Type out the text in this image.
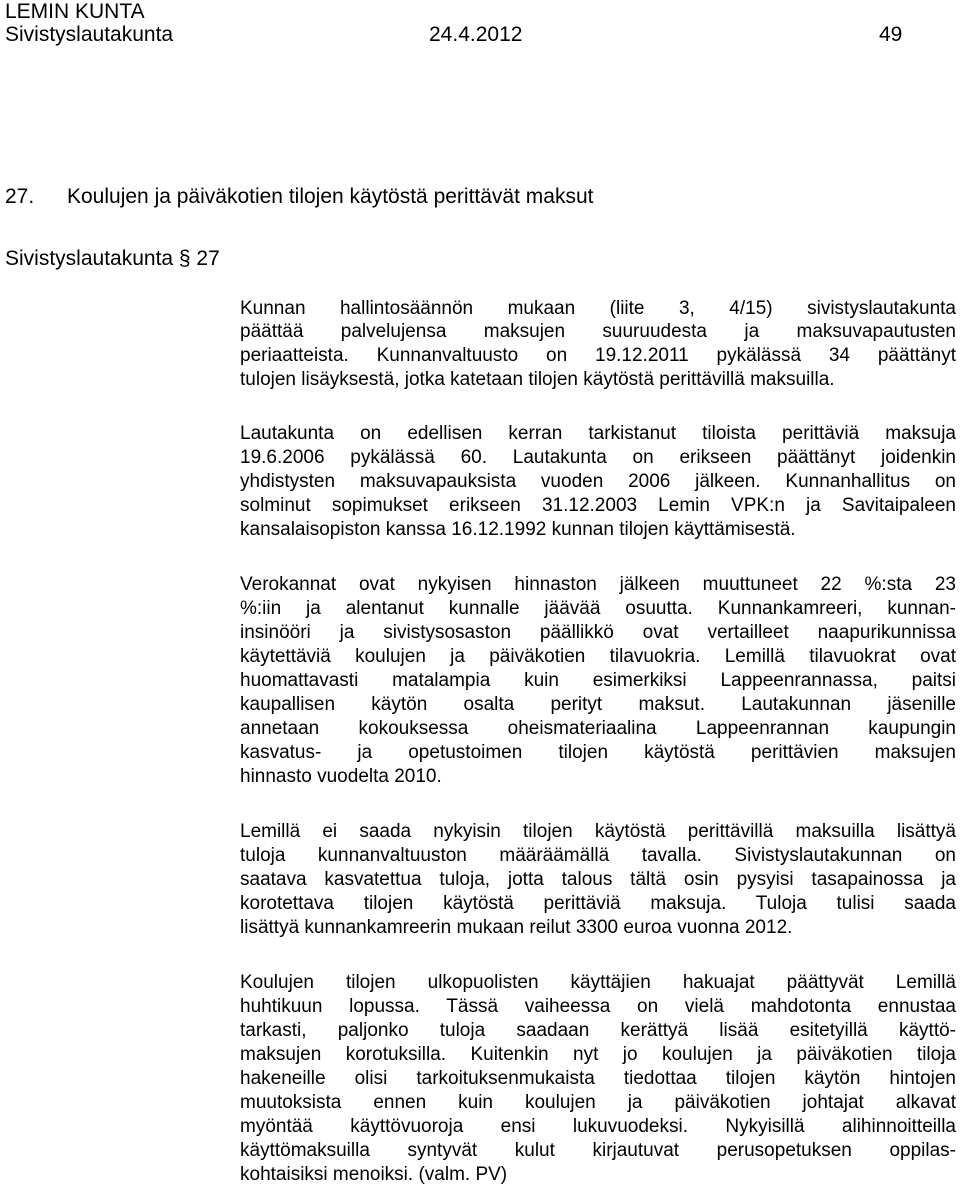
LEMIN KUNTA
Sivistyslautakunta	24.4.2012	49
27. Koulujen ja päiväkotien tilojen käytöstä perittävät maksut
Sivistyslautakunta § 27
Kunnan hallintosäännön mukaan (liite 3, 4/15) sivistyslautakunta
päättää palvelujensa maksujen suuruudesta ja maksuvapautusten
periaatteista. Kunnanvaltuusto on 19.12.2011 pykälässä 34 päättänyt
tulojen lisäyksestä, jotka katetaan tilojen käytöstä perittävillä maksuilla.
Lautakunta on edellisen kerran tarkistanut tiloista perittäviä maksuja
19.6.2006 pykälässä 60. Lautakunta on erikseen päättänyt joidenkin
yhdistysten maksuvapauksista vuoden 2006 jälkeen. Kunnanhallitus on
solminut sopimukset erikseen 31.12.2003 Lemin VPK:n ja Savitaipaleen
kansalaisopiston kanssa 16.12.1992 kunnan tilojen käyttämisestä.
Verokannat ovat nykyisen hinnaston jälkeen muuttuneet 22 %:sta 23
%:iin ja alentanut kunnalle jäävää osuutta. Kunnankamreeri, kunnan-
insinööri ja sivistysosaston päällikkö ovat vertailleet naapurikunnissa
käytettäviä koulujen ja päiväkotien tilavuokria. Lemillä tilavuokrat ovat
huomattavasti matalampia kuin esimerkiksi Lappeenrannassa, paitsi
kaupallisen käytön osalta perityt maksut. Lautakunnan jäsenille
annetaan kokouksessa oheismateriaalina Lappeenrannan kaupungin
kasvatus- ja opetustoimen tilojen käytöstä perittävien maksujen
hinnasto vuodelta 2010.
Lemillä ei saada nykyisin tilojen käytöstä perittävillä maksuilla lisättyä
tuloja kunnanvaltuuston määräämällä tavalla. Sivistyslautakunnan on
saatava kasvatettua tuloja, jotta talous tältä osin pysyisi tasapainossa ja
korotettava tilojen käytöstä perittäviä maksuja. Tuloja tulisi saada
lisättyä kunnankamreerin mukaan reilut 3300 euroa vuonna 2012.
Koulujen tilojen ulkopuolisten käyttäjien hakuajat päättyvät Lemillä
huhtikuun lopussa. Tässä vaiheessa on vielä mahdotonta ennustaa
tarkasti, paljonko tuloja saadaan kerättyä lisää esitetyillä käyttö-
maksujen korotuksilla. Kuitenkin nyt jo koulujen ja päiväkotien tiloja
hakeneille olisi tarkoituksenmukaista tiedottaa tilojen käytön hintojen
muutoksista ennen kuin koulujen ja päiväkotien johtajat alkavat
myöntää käyttövuoroja ensi lukuvuodeksi. Nykyisillä alihinnoitteilla
käyttömaksuilla syntyvät kulut kirjautuvat perusopetuksen oppilas-
kohtaisiksi menoiksi. (valm. PV)
